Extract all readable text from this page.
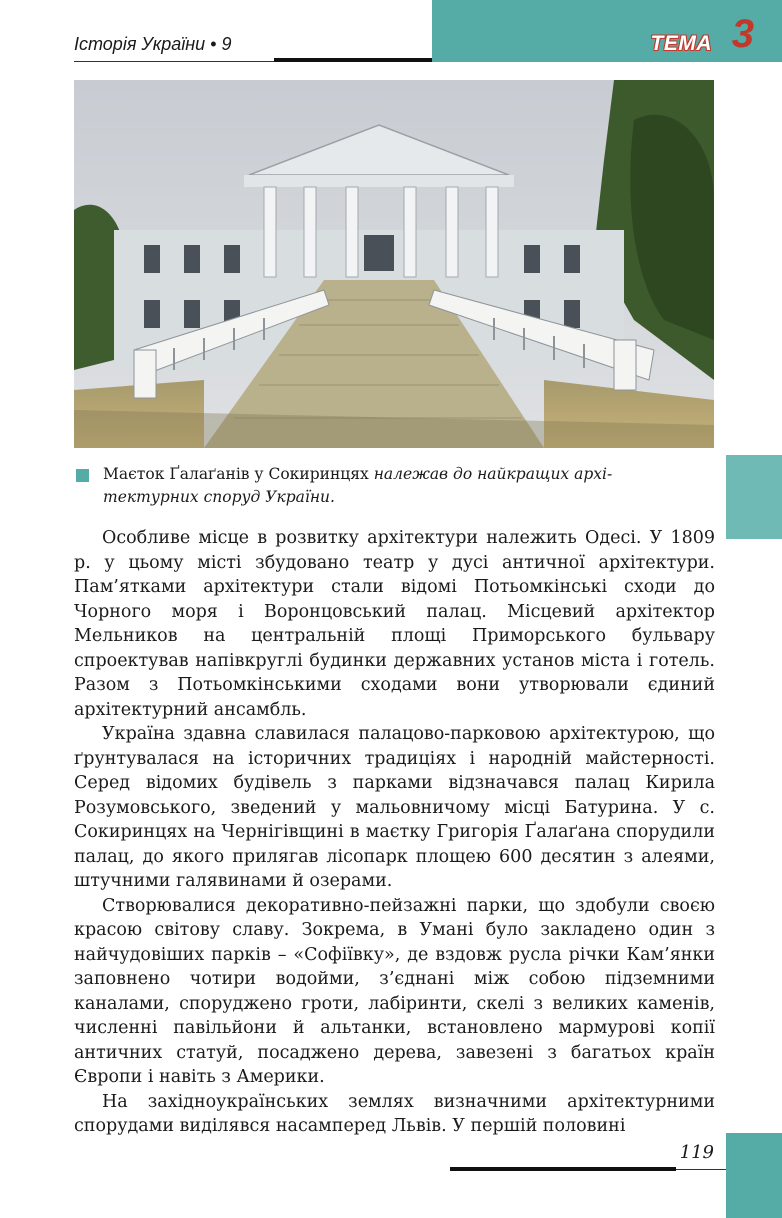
Історія України • 9	ТЕМА 3
Маєток Ґалаґанів у Сокиринцях належав до найкращих архі-тектурних споруд України.

Особливе місце в розвитку архітектури належить Одесі. У 1809 р. у цьому місті збудовано театр у дусі античної архітектури. Пам’ятками архітектури стали відомі Потьомкінські сходи до Чорного моря і Воронцовський палац. Місцевий архітектор Мельников на центральній площі Приморського бульвару спроектував напівкруглі будинки державних установ міста і готель. Разом з Потьомкінськими сходами вони утворювали єдиний архітектурний ансамбль.

Україна здавна славилася палацово-парковою архітектурою, що ґрунтувалася на історичних традиціях і народній майстерності. Серед відомих будівель з парками відзначався палац Кирила Розумовського, зведений у мальовничому місці Батурина. У с. Сокиринцях на Чернігівщині в маєтку Григорія Ґалаґана спорудили палац, до якого прилягав лісопарк площею 600 десятин з алеями, штучними галявинами й озерами.

Створювалися декоративно-пейзажні парки, що здобули своєю красою світову славу. Зокрема, в Умані було закладено один з найчудовіших парків – «Софіївку», де вздовж русла річки Кам’янки заповнено чотири водойми, з’єднані між собою підземними каналами, споруджено гроти, лабіринти, скелі з великих каменів, численні павільйони й альтанки, встановлено мармурові копії античних статуй, посаджено дерева, завезені з багатьох країн Європи і навіть з Америки.

На західноукраїнських землях визначними архітектурними спорудами виділявся насамперед Львів. У першій половині

119
